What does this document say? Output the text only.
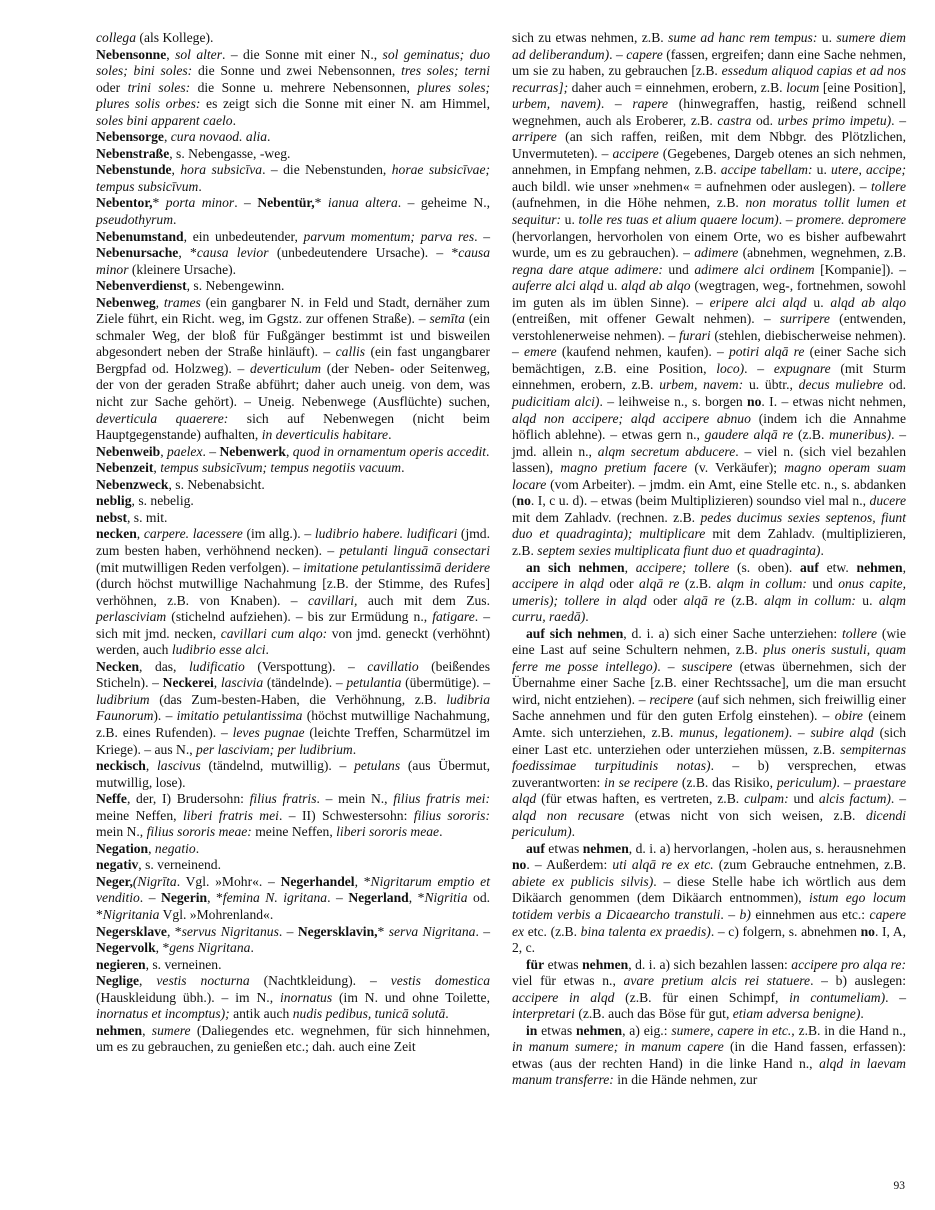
collega (als Kollege).
Nebensonne, sol alter. – die Sonne mit einer N., sol geminatus; duo soles; bini soles: die Sonne und zwei Nebensonnen, tres soles; terni oder trini soles: die Sonne u. mehrere Nebensonnen, plures soles; plures solis orbes: es zeigt sich die Sonne mit einer N. am Himmel, soles bini apparent caelo.
Nebensorge, cura novaod. alia.
Nebenstraße, s. Nebengasse, -weg.
Nebenstunde, hora subsicīva. – die Nebenstunden, horae subsicīvae; tempus subsicīvum.
Nebentor,* porta minor. – Nebentür,* ianua altera. – geheime N., pseudothyrum.
Nebenumstand, ein unbedeutender, parvum momentum; parva res. – Nebenursache, *causa levior (unbedeutendere Ursache). – *causa minor (kleinere Ursache).
Nebenverdienst, s. Nebengewinn.
Nebenweg, trames (ein gangbarer N. in Feld und Stadt, dernäher zum Ziele führt, ein Richt. weg, im Ggstz. zur offenen Straße). – semīta (ein schmaler Weg, der bloß für Fußgänger bestimmt ist und bisweilen abgesondert neben der Straße hinläuft). – callis (ein fast ungangbarer Bergpfad od. Holzweg). – deverticulum (der Neben- oder Seitenweg, der von der geraden Straße abführt; daher auch uneig. von dem, was nicht zur Sache gehört). – Uneig. Nebenwege (Ausflüchte) suchen, deverticula quaerere: sich auf Nebenwegen (nicht beim Hauptgegenstande) aufhalten, in deverticulis habitare.
Nebenweib, paelex. – Nebenwerk, quod in ornamentum operis accedit.
Nebenzeit, tempus subsicīvum; tempus negotiis vacuum.
Nebenzweck, s. Nebenabsicht.
neblig, s. nebelig.
nebst, s. mit.
necken, carpere. lacessere (im allg.). – ludibrio habere. ludificari (jmd. zum besten haben, verhöhnend necken). – petulanti linguā consectari (mit mutwilligen Reden verfolgen). – imitatione petulantissimā deridere (durch höchst mutwillige Nachahmung [z.B. der Stimme, des Rufes] verhöhnen, z.B. von Knaben). – cavillari, auch mit dem Zus. perlasciviam (stichelnd aufziehen). – bis zur Ermüdung n., fatigare. – sich mit jmd. necken, cavillari cum alqo: von jmd. geneckt (verhöhnt) werden, auch ludibrio esse alci.
Necken, das, ludificatio (Verspottung). – cavillatio (beißendes Sticheln). – Neckerei, lascivia (tändelnde). – petulantia (übermütige). – ludibrium (das Zum-besten-Haben, die Verhöhnung, z.B. ludibria Faunorum). – imitatio petulantissima (höchst mutwillige Nachahmung, z.B. eines Rufenden). – leves pugnae (leichte Treffen, Scharmützel im Kriege). – aus N., per lasciviam; per ludibrium.
neckisch, lascivus (tändelnd, mutwillig). – petulans (aus Übermut, mutwillig, lose).
Neffe, der, I) Brudersohn: filius fratris. – mein N., filius fratris mei: meine Neffen, liberi fratris mei. – II) Schwestersohn: filius sororis: mein N., filius sororis meae: meine Neffen, liberi sororis meae.
Negation, negatio.
negativ, s. verneinend.
Neger,(Nigrīta. Vgl. »Mohr«. – Negerhandel, *Nigritarum emptio et venditio. – Negerin, *femina N. igritana. – Negerland, *Nigritia od. *Nigritania Vgl. »Mohrenland«.
Negersklave, *servus Nigritanus. – Negersklavin,* serva Nigritana. – Negervolk, *gens Nigritana.
negieren, s. verneinen.
Neglige, vestis nocturna (Nachtkleidung). – vestis domestica (Hauskleidung übh.). – im N., inornatus (im N. und ohne Toilette, inornatus et incomptus); antik auch nudis pedibus, tunicā solutā.
nehmen, sumere (Daliegendes etc. wegnehmen, für sich hinnehmen, um es zu gebrauchen, zu genießen etc.; dah. auch eine Zeit
sich zu etwas nehmen, z.B. sume ad hanc rem tempus: u. sumere diem ad deliberandum). – capere (fassen, ergreifen; dann eine Sache nehmen, um sie zu haben, zu gebrauchen [z.B. essedum aliquod capias et ad nos recurras]; daher auch = einnehmen, erobern, z.B. locum [eine Position], urbem, navem). – rapere (hinwegraffen, hastig, reißend schnell wegnehmen, auch als Eroberer, z.B. castra od. urbes primo impetu). – arripere (an sich raffen, reißen, mit dem Nbbgr. des Plötzlichen, Unvermuteten). – accipere (Gegebenes, Dargeb otenes an sich nehmen, annehmen, in Empfang nehmen, z.B. accipe tabellam: u. utere, accipe; auch bildl. wie unser »nehmen« = aufnehmen oder auslegen). – tollere (aufnehmen, in die Höhe nehmen, z.B. non moratus tollit lumen et sequitur: u. tolle res tuas et alium quaere locum). – promere. depromere (hervorlangen, hervorholen von einem Orte, wo es bisher aufbewahrt wurde, um es zu gebrauchen). – adimere (abnehmen, wegnehmen, z.B. regna dare atque adimere: und adimere alci ordinem [Kompanie]). – auferre alci alqd u. alqd ab alqo (wegtragen, weg-, fortnehmen, sowohl im guten als im üblen Sinne). – eripere alci alqd u. alqd ab alqo (entreißen, mit offener Gewalt nehmen). – surripere (entwenden, verstohlenerweise nehmen). – furari (stehlen, diebischerweise nehmen). – emere (kaufend nehmen, kaufen). – potiri alqā re (einer Sache sich bemächtigen, z.B. eine Position, loco). – expugnare (mit Sturm einnehmen, erobern, z.B. urbem, navem: u. übtr., decus muliebre od. pudicitiam alci). – leihweise n., s. borgen no. I. – etwas nicht nehmen, alqd non accipere; alqd accipere abnuo (indem ich die Annahme höflich ablehne). – etwas gern n., gaudere alqā re (z.B. muneribus). – jmd. allein n., alqm secretum abducere. – viel n. (sich viel bezahlen lassen), magno pretium facere (v. Verkäufer); magno operam suam locare (vom Arbeiter). – jmdm. ein Amt, eine Stelle etc. n., s. abdanken (no. I, c u. d). – etwas (beim Multiplizieren) soundso viel mal n., ducere mit dem Zahladv. (rechnen. z.B. pedes ducimus sexies septenos, fiunt duo et quadraginta); multiplicare mit dem Zahladv. (multiplizieren, z.B. septem sexies multiplicata fiunt duo et quadraginta).
an sich nehmen, accipere; tollere (s. oben). auf etw. nehmen, accipere in alqd oder alqā re (z.B. alqm in collum: und onus capite, umeris); tollere in alqd oder alqā re (z.B. alqm in collum: u. alqm curru, raedā).
auf sich nehmen, d. i. a) sich einer Sache unterziehen: tollere (wie eine Last auf seine Schultern nehmen, z.B. plus oneris sustuli, quam ferre me posse intellego). – suscipere (etwas übernehmen, sich der Übernahme einer Sache [z.B. einer Rechtssache], um die man ersucht wird, nicht entziehen). – recipere (auf sich nehmen, sich freiwillig einer Sache annehmen und für den guten Erfolg einstehen). – obire (einem Amte. sich unterziehen, z.B. munus, legationem). – subire alqd (sich einer Last etc. unterziehen oder unterziehen müssen, z.B. sempiternas foedissimae turpitudinis notas). – b) versprechen, etwas zuverantworten: in se recipere (z.B. das Risiko, periculum). – praestare alqd (für etwas haften, es vertreten, z.B. culpam: und alcis factum). – alqd non recusare (etwas nicht von sich weisen, z.B. dicendi periculum).
auf etwas nehmen, d. i. a) hervorlangen, -holen aus, s. herausnehmen no. – Außerdem: uti alqā re ex etc. (zum Gebrauche entnehmen, z.B. abiete ex publicis silvis). – diese Stelle habe ich wörtlich aus dem Dikäarch genommen (dem Dikäarch entnommen), istum ego locum totidem verbis a Dicaearcho transtuli. – b) einnehmen aus etc.: capere ex etc. (z.B. bina talenta ex praedis). – c) folgern, s. abnehmen no. I, A, 2, c.
für etwas nehmen, d. i. a) sich bezahlen lassen: accipere pro alqa re: viel für etwas n., avare pretium alcis rei statuere. – b) auslegen: accipere in alqd (z.B. für einen Schimpf, in contumeliam). – interpretari (z.B. auch das Böse für gut, etiam adversa benigne).
in etwas nehmen, a) eig.: sumere, capere in etc., z.B. in die Hand n., in manum sumere; in manum capere (in die Hand fassen, erfassen): etwas (aus der rechten Hand) in die linke Hand n., alqd in laevam manum transferre: in die Hände nehmen, zur
93
